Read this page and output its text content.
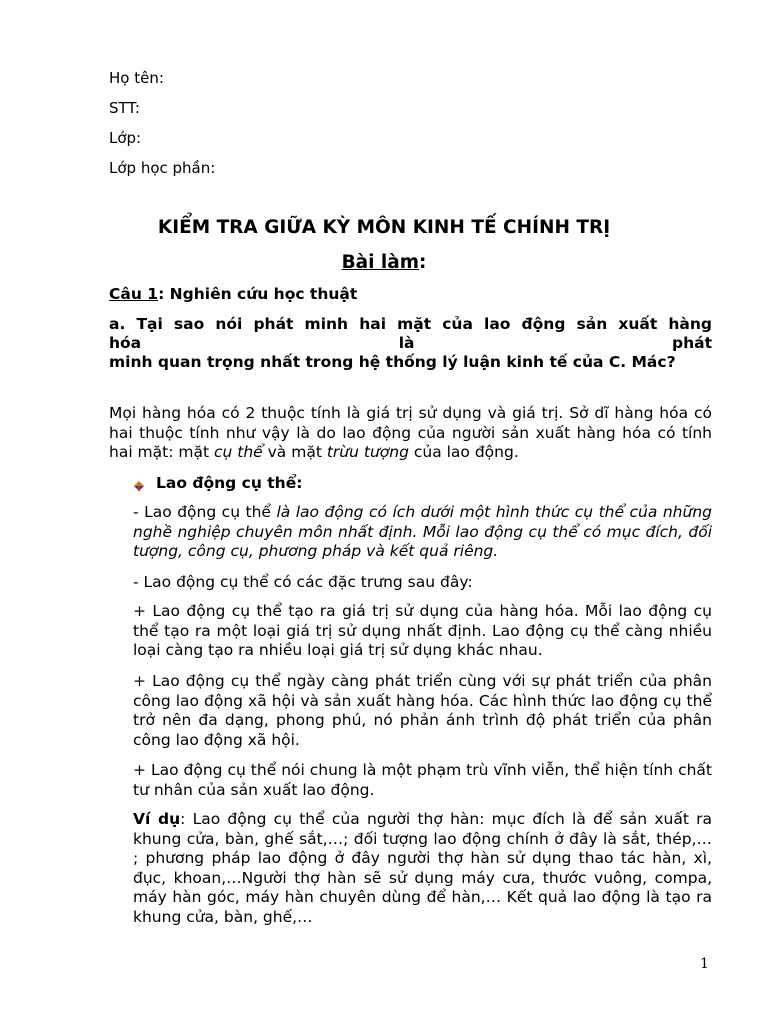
Họ tên:
STT:
Lớp:
Lớp học phần:
KIỂM TRA GIỮA KỲ MÔN KINH TẾ CHÍNH TRỊ
Bài làm:
Câu 1: Nghiên cứu học thuật
a. Tại sao nói phát minh hai mặt của lao động sản xuất hàng
hóa	là	phát
minh quan trọng nhất trong hệ thống lý luận kinh tế của C. Mác?
Mọi hàng hóa có 2 thuộc tính là giá trị sử dụng và giá trị. Sở dĩ hàng hóa có hai thuộc tính như vậy là do lao động của người sản xuất hàng hóa có tính hai mặt: mặt cụ thể và mặt trừu tượng của lao động.
Lao động cụ thể:
- Lao động cụ thể là lao động có ích dưới một hình thức cụ thể của những nghề nghiệp chuyên môn nhất định. Mỗi lao động cụ thể có mục đích, đối tượng, công cụ, phương pháp và kết quả riêng.
- Lao động cụ thể có các đặc trưng sau đây:
+ Lao động cụ thể tạo ra giá trị sử dụng của hàng hóa. Mỗi lao động cụ thể tạo ra một loại giá trị sử dụng nhất định. Lao động cụ thể càng nhiều loại càng tạo ra nhiều loại giá trị sử dụng khác nhau.
+ Lao động cụ thể ngày càng phát triển cùng với sự phát triển của phân công lao động xã hội và sản xuất hàng hóa. Các hình thức lao động cụ thể trở nên đa dạng, phong phú, nó phản ánh trình độ phát triển của phân công lao động xã hội.
+ Lao động cụ thể nói chung là một phạm trù vĩnh viễn, thể hiện tính chất tư nhân của sản xuất lao động.
Ví dụ: Lao động cụ thể của người thợ hàn: mục đích là để sản xuất ra khung cửa, bàn, ghế sắt,…; đối tượng lao động chính ở đây là sắt, thép,… ; phương pháp lao động ở đây người thợ hàn sử dụng thao tác hàn, xì, đục, khoan,…Người thợ hàn sẽ sử dụng máy cưa, thước vuông, compa, máy hàn góc, máy hàn chuyên dùng để hàn,… Kết quả lao động là tạo ra khung cửa, bàn, ghế,…
1
